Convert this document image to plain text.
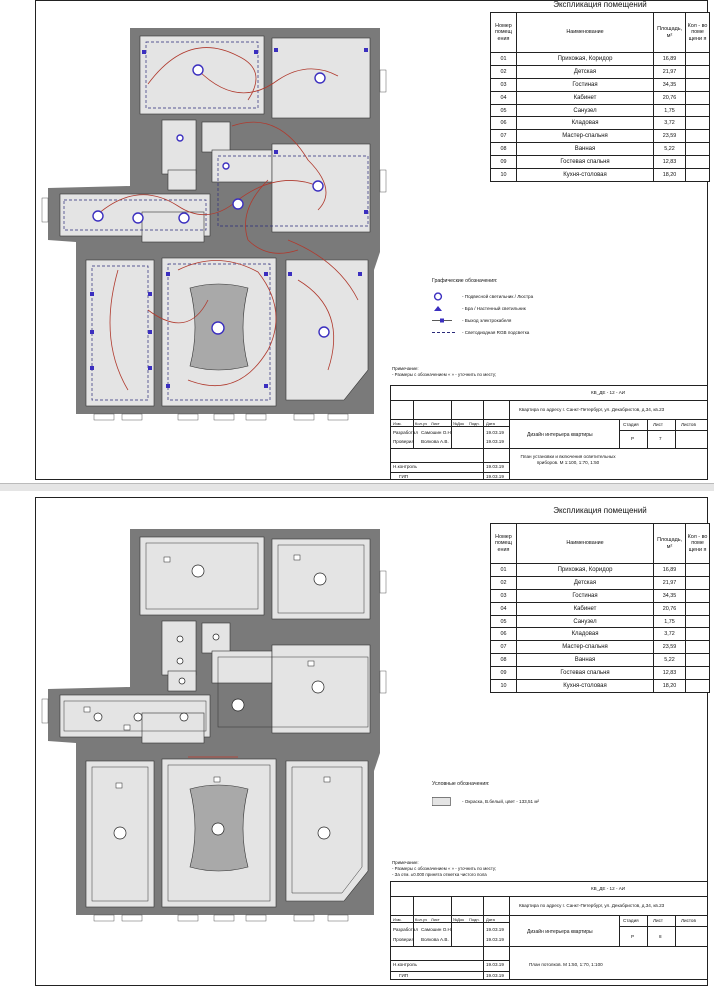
Экспликация помещений
Номер помещ ения	Наименование	Площадь, м²	Кол - во поме щени я
01	Прихожая, Коридор	16,89	
02	Детская	21,97	
03	Гостиная	34,35	
04	Кабинет	20,76	
05	Санузел	1,75	
06	Кладовая	3,72	
07	Мастер-спальня	23,59	
08	Ванная	5,22	
09	Гостевая спальня	12,83	
10	Кухня-столовая	18,20	
Графические обозначения:
- Подвесной светильник / Люстра
- Бра / Настенный светильник
- Выход электрокабеля
- Светодиодная RGB подсветка
Примечание:
- Размеры с обозначением « » - уточнить по месту;
КВ_ДЕ - 12 - АИ
Квартира по адресу г. Санкт-Петербург, ул. Декабристов, д.34, кв.23
Изм.	Кол.уч Лист	№Док Подп. Дата
Разработал Самошин О.Н.	19.03.19
Проверил Волкова А.В.	19.03.19
Н.контроль	19.03.19
ГИП	19.03.19
Дизайн интерьера квартиры
Стадия	Лист	Листов
Р	7
План установки и включения осветительных приборов. М 1:100, 1:70, 1:50
Экспликация помещений
Номер помещ ения	Наименование	Площадь, м²	Кол - во поме щени я
01	Прихожая, Коридор	16,89	
02	Детская	21,97	
03	Гостиная	34,35	
04	Кабинет	20,76	
05	Санузел	1,75	
06	Кладовая	3,72	
07	Мастер-спальня	23,59	
08	Ванная	5,22	
09	Гостевая спальня	12,83	
10	Кухня-столовая	18,20	
Условные обозначения:
- Окраска, В.белый, цвет - 133,51 м²
Примечание:
- Размеры с обозначением « » - уточнить по месту;
- За отм. ±0.000 принята отметка чистого пола
КВ_ДЕ - 12 - АИ
Квартира по адресу г. Санкт-Петербург, ул. Декабристов, д.34, кв.23
Изм.	Кол.уч Лист	№Док Подп. Дата
Разработал Самошин О.Н.	19.03.19
Проверил Волкова А.В.	19.03.19
Н.контроль	19.03.19
ГИП	19.03.19
Дизайн интерьера квартиры
Стадия	Лист	Листов
Р	8
План потолков. М 1:50, 1:70, 1:100
